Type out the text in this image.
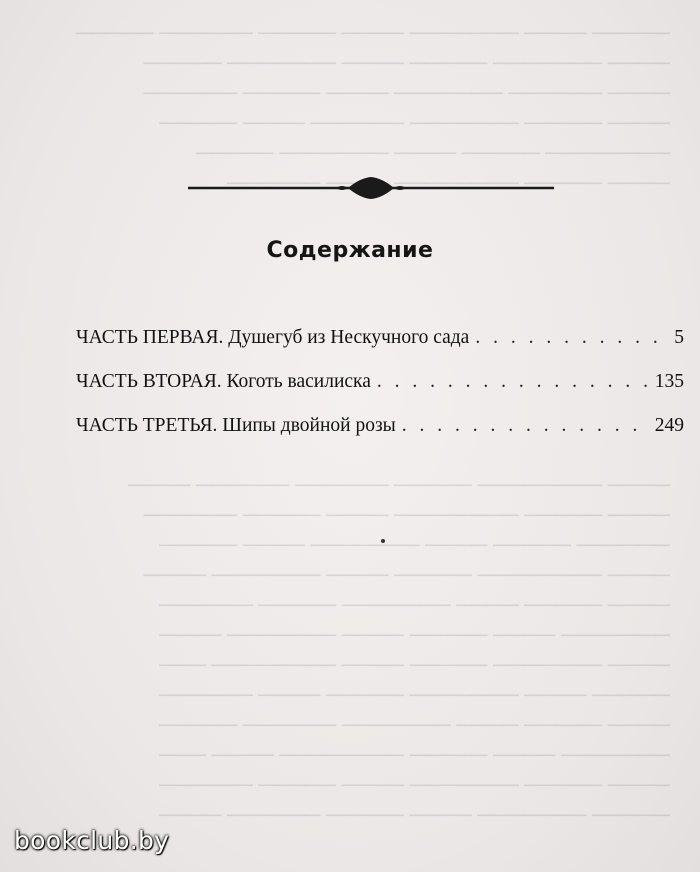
───── ──── ─────── ──── ───── ────── ─────
──── ─────── ───── ──── ─────── ─────
──── ────── ─────── ──── ───── ──────
──── ───── ─────── ────── ──── ─────
──────── ───── ──── ─────── ─────
──── ───── ──────── ──── ──────
──── ──────── ───── ────── ────── ────
──── ───── ──────── ──── ───── ──────
────── ───── ──── ─────── ──── ─────
──── ──────── ───── ──── ─────── ────
──── ───── ──── ─────── ───── ──────
─────── ──── ───── ──── ─────── ────
──── ─────── ───── ──── ──────── ───
───── ──── ─────── ───── ──── ──────
──── ───── ──── ─────── ────── ─────
─────── ──── ───── ──────── ──── ───
──── ───── ─────── ──── ───── ──────
───── ─────── ──── ───── ────── ────
Содержание
ЧАСТЬ ПЕРВАЯ. Душегуб из Нескучного сада . . .	5
ЧАСТЬ ВТОРАЯ. Коготь василиска . . .	135
ЧАСТЬ ТРЕТЬЯ. Шипы двойной розы . . .	249
bookclub.by
